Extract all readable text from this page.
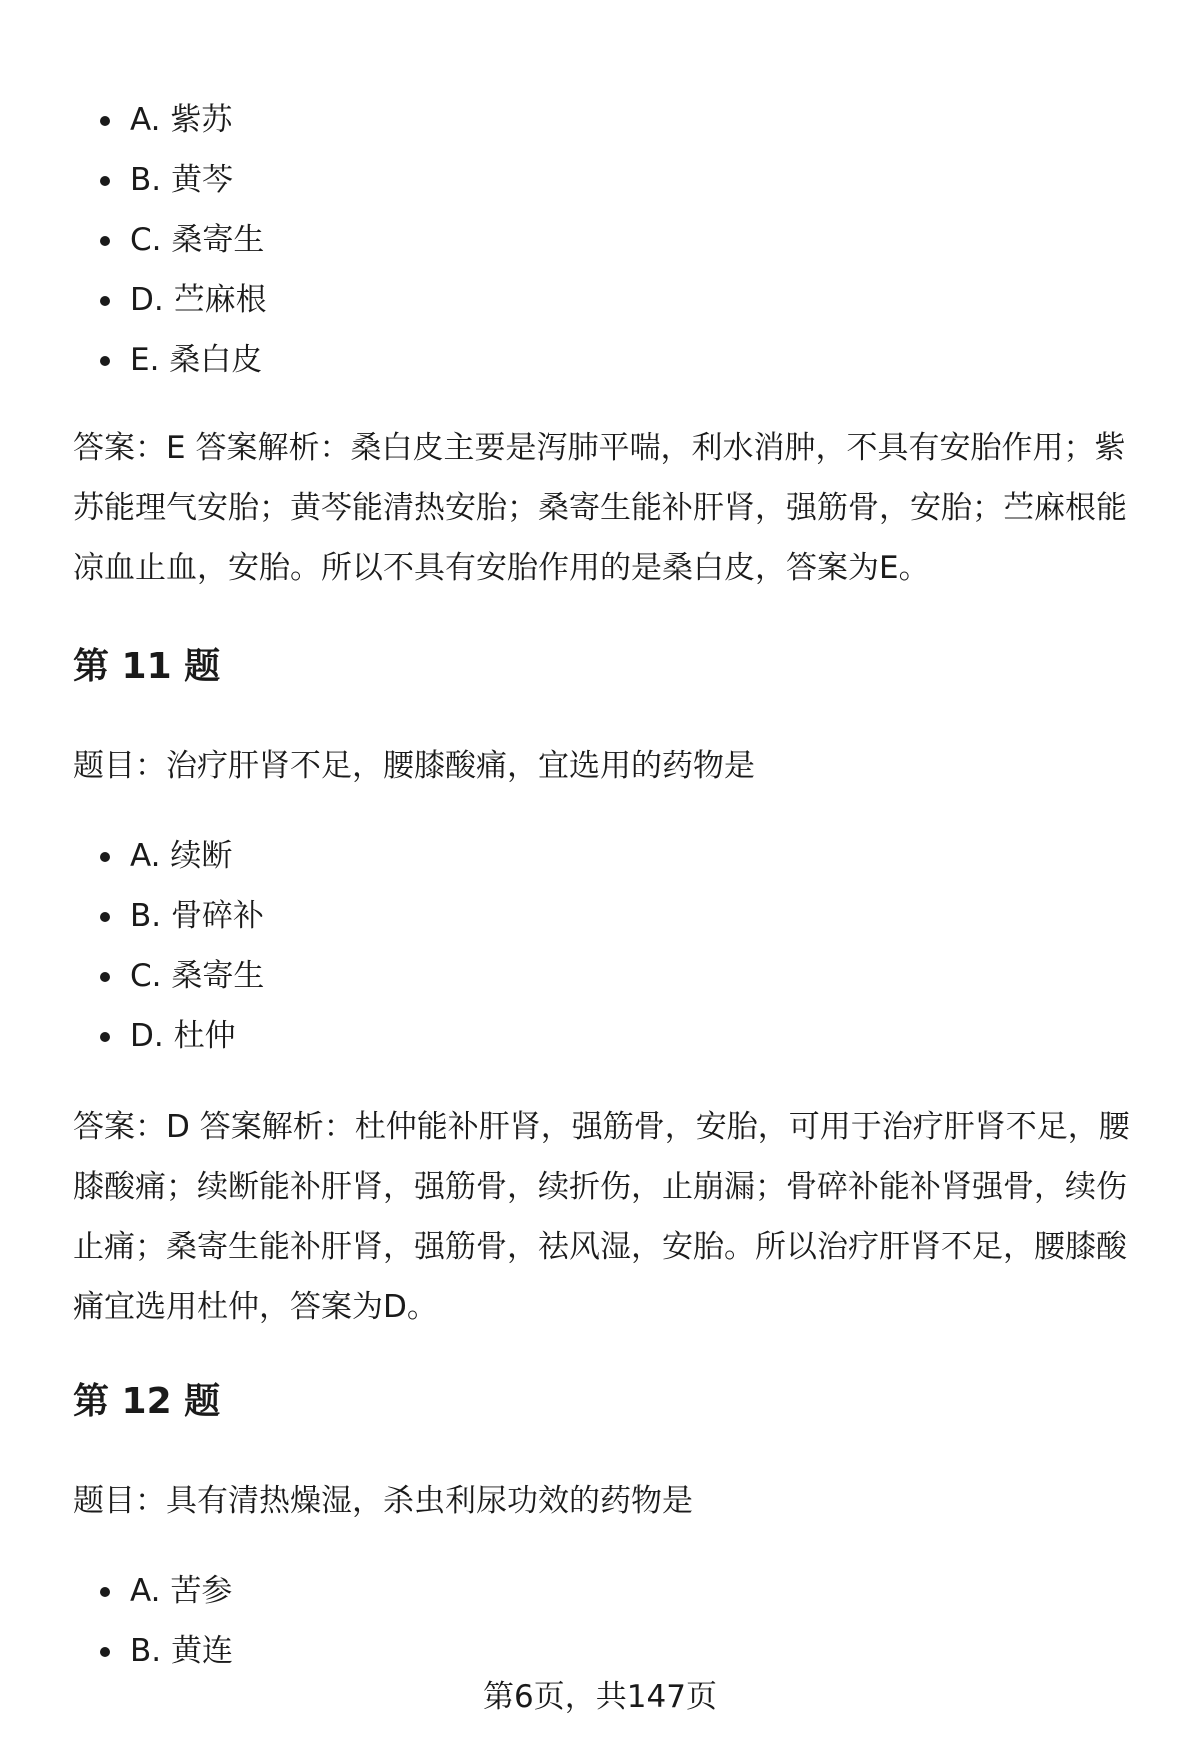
A. 紫苏
B. 黄芩
C. 桑寄生
D. 苎麻根
E. 桑白皮

答案：E 答案解析：桑白皮主要是泻肺平喘，利水消肿，不具有安胎作用；紫苏能理气安胎；黄芩能清热安胎；桑寄生能补肝肾，强筋骨，安胎；苎麻根能凉血止血，安胎。所以不具有安胎作用的是桑白皮，答案为E。

第 11 题

题目：治疗肝肾不足，腰膝酸痛，宜选用的药物是

A. 续断
B. 骨碎补
C. 桑寄生
D. 杜仲

答案：D 答案解析：杜仲能补肝肾，强筋骨，安胎，可用于治疗肝肾不足，腰膝酸痛；续断能补肝肾，强筋骨，续折伤，止崩漏；骨碎补能补肾强骨，续伤止痛；桑寄生能补肝肾，强筋骨，祛风湿，安胎。所以治疗肝肾不足，腰膝酸痛宜选用杜仲，答案为D。

第 12 题

题目：具有清热燥湿，杀虫利尿功效的药物是

A. 苦参
B. 黄连
第6页，共147页
